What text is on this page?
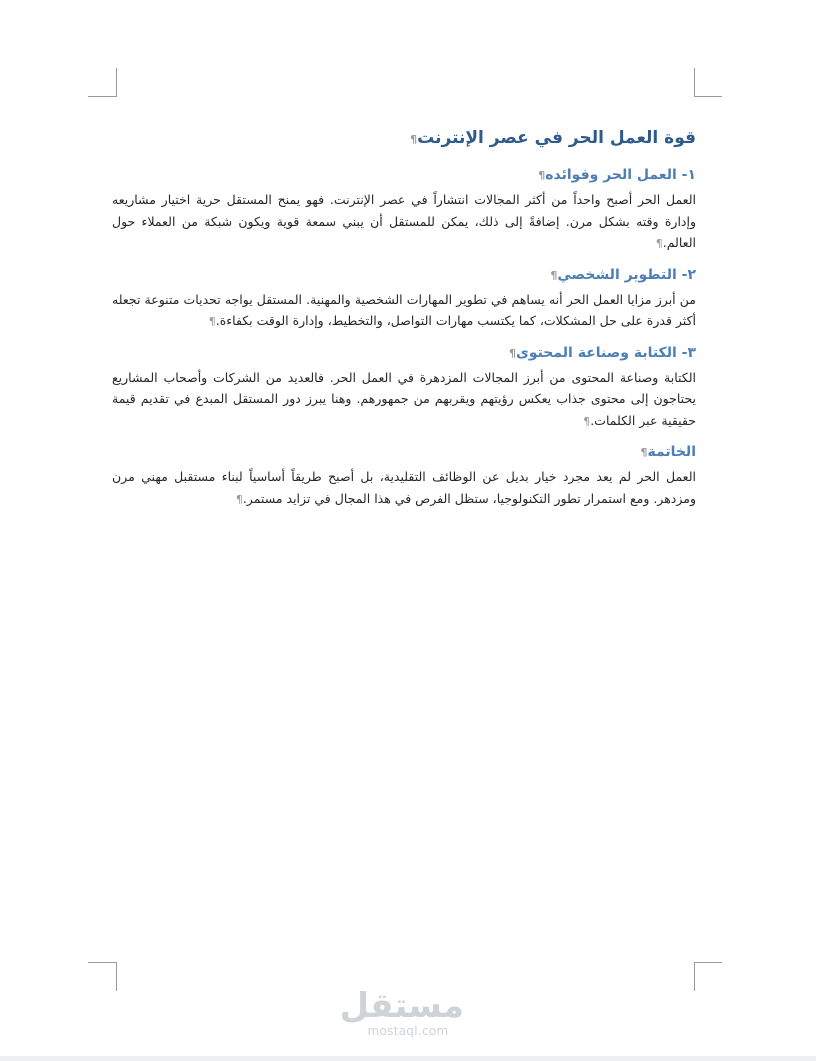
قوة العمل الحر في عصر الإنترنت¶
١- العمل الحر وفوائده¶

العمل الحر أصبح واحداً من أكثر المجالات انتشاراً في عصر الإنترنت. فهو يمنح المستقل حرية اختيار مشاريعه وإدارة وقته بشكل مرن. إضافةً إلى ذلك، يمكن للمستقل أن يبني سمعة قوية ويكون شبكة من العملاء حول العالم.¶

٢- التطوير الشخصي¶

من أبرز مزايا العمل الحر أنه يساهم في تطوير المهارات الشخصية والمهنية. المستقل يواجه تحديات متنوعة تجعله أكثر قدرة على حل المشكلات، كما يكتسب مهارات التواصل، والتخطيط، وإدارة الوقت بكفاءة.¶

٣- الكتابة وصناعة المحتوى¶

الكتابة وصناعة المحتوى من أبرز المجالات المزدهرة في العمل الحر. فالعديد من الشركات وأصحاب المشاريع يحتاجون إلى محتوى جذاب يعكس رؤيتهم ويقربهم من جمهورهم. وهنا يبرز دور المستقل المبدع في تقديم قيمة حقيقية عبر الكلمات.¶

الخاتمة¶

العمل الحر لم يعد مجرد خيار بديل عن الوظائف التقليدية، بل أصبح طريقاً أساسياً لبناء مستقبل مهني مرن ومزدهر. ومع استمرار تطور التكنولوجيا، ستظل الفرص في هذا المجال في تزايد مستمر.¶

مستقل
mostaql.com
